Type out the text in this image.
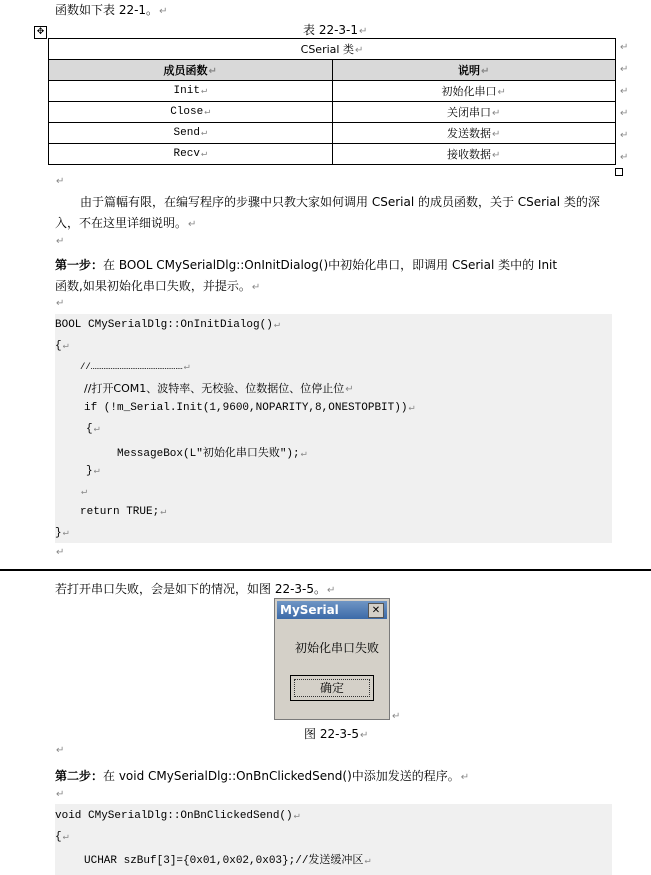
函数如下表 22-1。↵
表 22-3-1↵
✥
CSerial 类↵	
成员函数↵	说明↵
Init↵	初始化串口↵
Close↵	关闭串口↵
Send↵	发送数据↵
Recv↵	接收数据↵
↵
↵
↵
↵
↵
↵
↵
由于篇幅有限，在编写程序的步骤中只教大家如何调用 CSerial 的成员函数，关于 CSerial 类的深
入，不在这里详细说明。↵
↵
第一步：在 BOOL CMySerialDlg::OnInitDialog()中初始化串口，即调用 CSerial 类中的 Init
函数,如果初始化串口失败，并提示。↵
↵
BOOL CMySerialDlg::OnInitDialog()↵
{↵
//……………………………………………↵
//打开COM1、波特率、无校验、位数据位、位停止位↵
if (!m_Serial.Init(1,9600,NOPARITY,8,ONESTOPBIT))↵
{↵
MessageBox(L"初始化串口失败");↵
}↵
↵
return TRUE;↵
}↵
↵
若打开串口失败，会是如下的情况，如图 22-3-5。↵
MySerial	✕
初始化串口失败
确定
↵
图 22-3-5↵
↵
第二步：在 void CMySerialDlg::OnBnClickedSend()中添加发送的程序。↵
↵
void CMySerialDlg::OnBnClickedSend()↵
{↵
UCHAR szBuf[3]={0x01,0x02,0x03};//发送缓冲区↵
